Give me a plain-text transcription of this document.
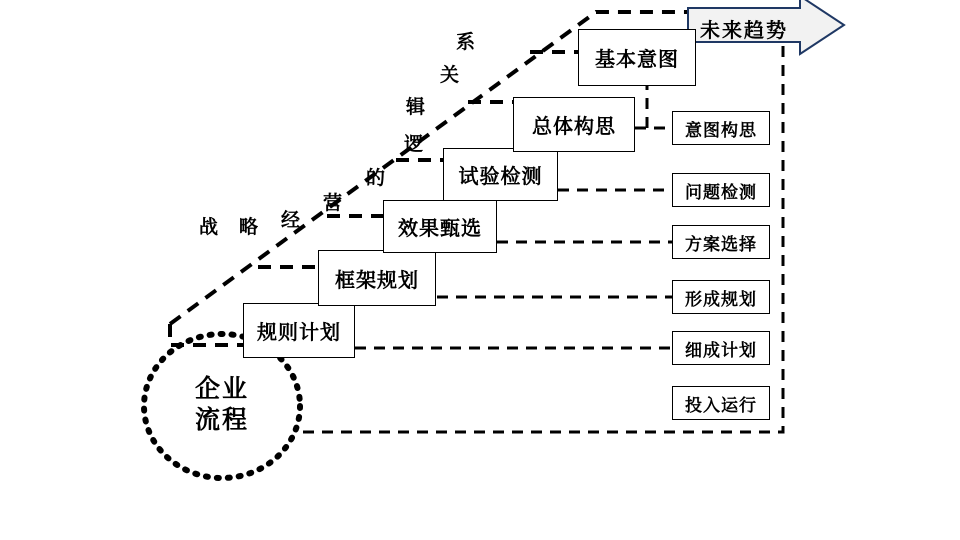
未来趋势
战 略 经
营
的
逻
辑
关
系
规则计划
框架规划
效果甄选
试验检测
总体构思
基本意图
意图构思
问题检测
方案选择
形成规划
细成计划
投入运行
企业
流程
